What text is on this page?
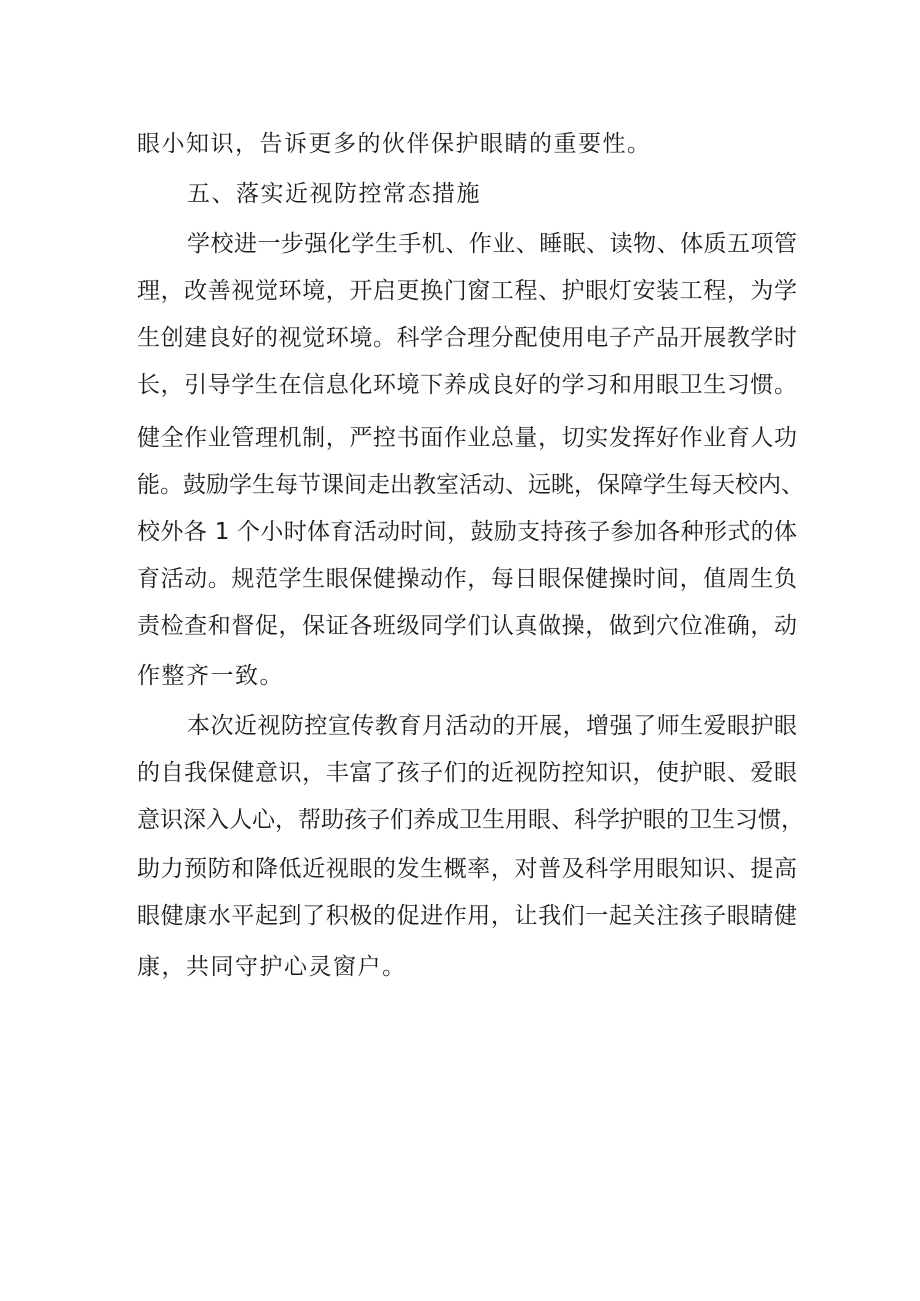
眼小知识，告诉更多的伙伴保护眼睛的重要性。
五、落实近视防控常态措施
学校进一步强化学生手机、作业、睡眠、读物、体质五项管
理，改善视觉环境，开启更换门窗工程、护眼灯安装工程，为学
生创建良好的视觉环境。科学合理分配使用电子产品开展教学时
长，引导学生在信息化环境下养成良好的学习和用眼卫生习惯。
健全作业管理机制，严控书面作业总量，切实发挥好作业育人功
能。鼓励学生每节课间走出教室活动、远眺，保障学生每天校内、
校外各 1 个小时体育活动时间，鼓励支持孩子参加各种形式的体
育活动。规范学生眼保健操动作，每日眼保健操时间，值周生负
责检查和督促，保证各班级同学们认真做操，做到穴位准确，动
作整齐一致。
本次近视防控宣传教育月活动的开展，增强了师生爱眼护眼
的自我保健意识，丰富了孩子们的近视防控知识，使护眼、爱眼
意识深入人心，帮助孩子们养成卫生用眼、科学护眼的卫生习惯，
助力预防和降低近视眼的发生概率，对普及科学用眼知识、提高
眼健康水平起到了积极的促进作用，让我们一起关注孩子眼睛健
康，共同守护心灵窗户。
